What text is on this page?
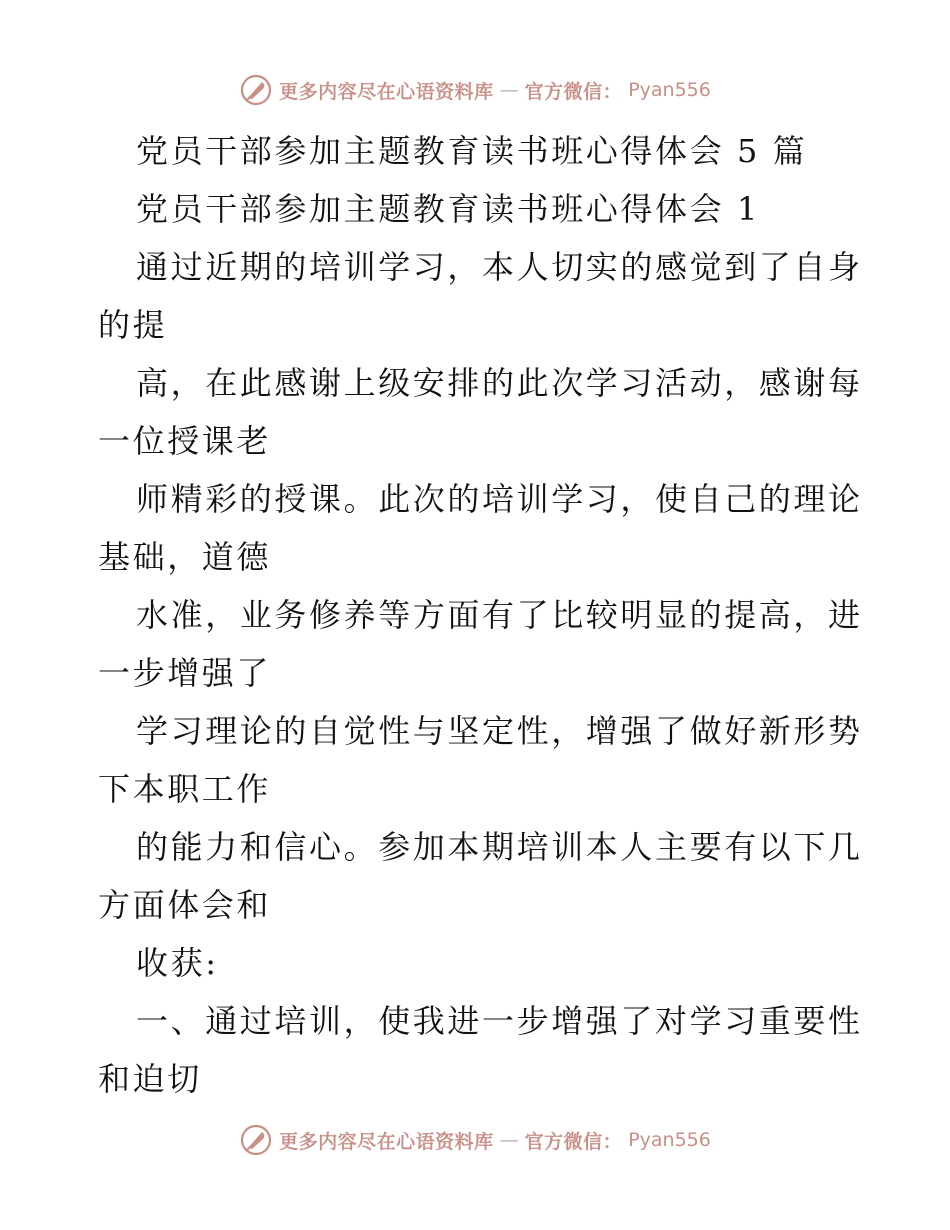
更多内容尽在心语资料库 — 官方微信： Pyan556
党员干部参加主题教育读书班心得体会 5 篇
党员干部参加主题教育读书班心得体会 1
通过近期的培训学习，本人切实的感觉到了自身
的提
高，在此感谢上级安排的此次学习活动，感谢每
一位授课老
师精彩的授课。此次的培训学习，使自己的理论
基础，道德
水准，业务修养等方面有了比较明显的提高，进
一步增强了
学习理论的自觉性与坚定性，增强了做好新形势
下本职工作
的能力和信心。参加本期培训本人主要有以下几
方面体会和
收获:
一、通过培训，使我进一步增强了对学习重要性
和迫切
更多内容尽在心语资料库 — 官方微信： Pyan556
